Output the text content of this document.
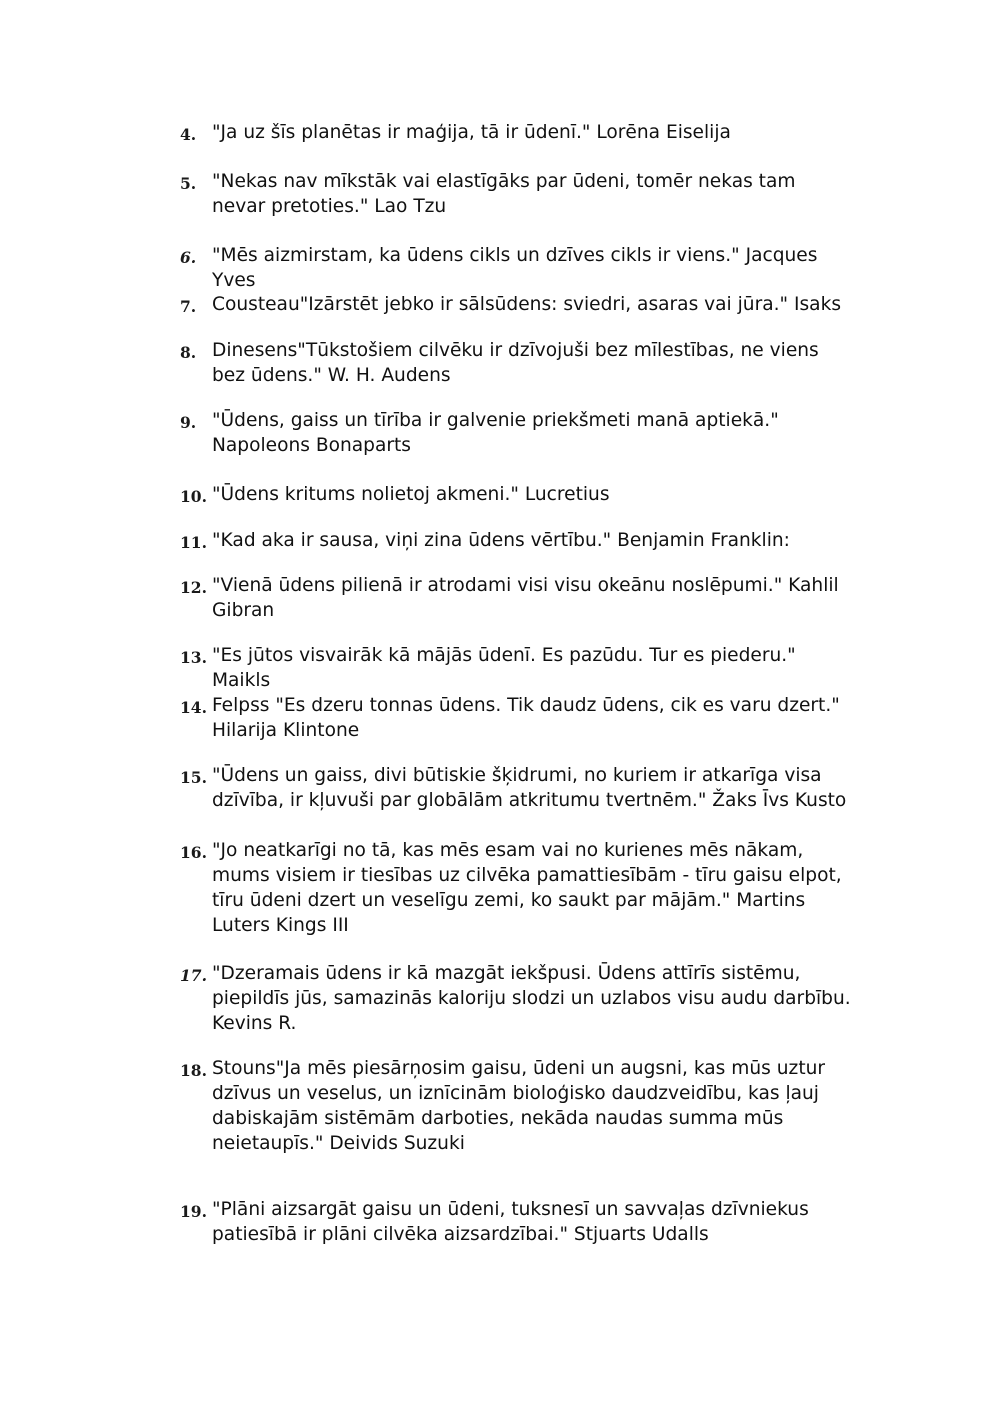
4. "Ja uz šīs planētas ir maģija, tā ir ūdenī." Lorēna Eiselija
5. "Nekas nav mīkstāk vai elastīgāks par ūdeni, tomēr nekas tam
nevar pretoties." Lao Tzu
6. "Mēs aizmirstam, ka ūdens cikls un dzīves cikls ir viens." Jacques
Yves
7. Cousteau"Izārstēt jebko ir sālsūdens: sviedri, asaras vai jūra." Isaks
8. Dinesens"Tūkstošiem cilvēku ir dzīvojuši bez mīlestības, ne viens
bez ūdens." W. H. Audens
9. "Ūdens, gaiss un tīrība ir galvenie priekšmeti manā aptiekā."
Napoleons Bonaparts
10. "Ūdens kritums nolietoj akmeni." Lucretius
11. "Kad aka ir sausa, viņi zina ūdens vērtību." Benjamin Franklin:
12. "Vienā ūdens pilienā ir atrodami visi visu okeānu noslēpumi." Kahlil
Gibran
13. "Es jūtos visvairāk kā mājās ūdenī. Es pazūdu. Tur es piederu."
Maikls
14. Felpss "Es dzeru tonnas ūdens. Tik daudz ūdens, cik es varu dzert."
Hilarija Klintone
15. "Ūdens un gaiss, divi būtiskie šķidrumi, no kuriem ir atkarīga visa
dzīvība, ir kļuvuši par globālām atkritumu tvertnēm." Žaks Īvs Kusto
16. "Jo neatkarīgi no tā, kas mēs esam vai no kurienes mēs nākam,
mums visiem ir tiesības uz cilvēka pamattiesībām - tīru gaisu elpot,
tīru ūdeni dzert un veselīgu zemi, ko saukt par mājām." Martins
Luters Kings III
17. "Dzeramais ūdens ir kā mazgāt iekšpusi. Ūdens attīrīs sistēmu,
piepildīs jūs, samazinās kaloriju slodzi un uzlabos visu audu darbību.
Kevins R.
18. Stouns"Ja mēs piesārņosim gaisu, ūdeni un augsni, kas mūs uztur
dzīvus un veselus, un iznīcinām bioloģisko daudzveidību, kas ļauj
dabiskajām sistēmām darboties, nekāda naudas summa mūs
neietaupīs." Deivids Suzuki
19. "Plāni aizsargāt gaisu un ūdeni, tuksnesī un savvaļas dzīvniekus
patiesībā ir plāni cilvēka aizsardzībai." Stjuarts Udalls
